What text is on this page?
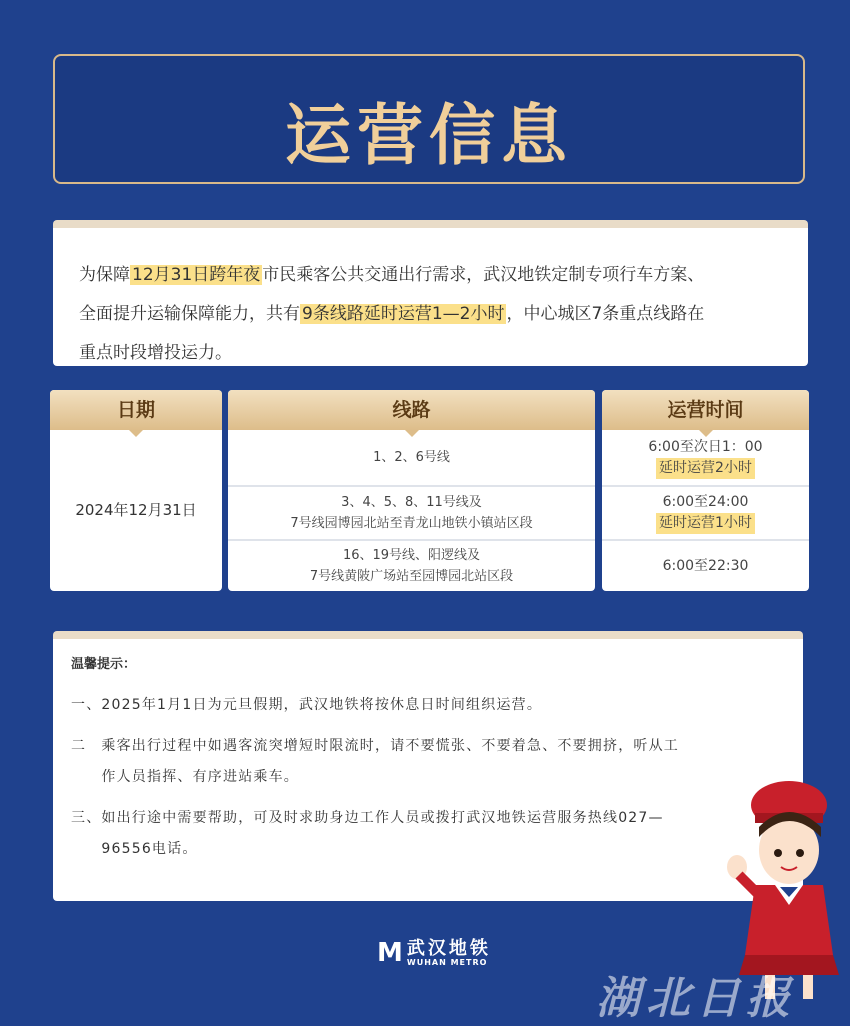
运营信息

为保障 12月31日跨年夜 市民乘客公共交通出行需求，武汉地铁定制专项行车方案、

全面提升运输保障能力，共有 9条线路延时运营1—2小时 ，中心城区7条重点线路在

重点时段增投运力。

日期
2024年12月31日
线路
1、2、6号线
3、4、5、8、11号线及
7号线园博园北站至青龙山地铁小镇站区段
16、19号线、阳逻线及
7号线黄陂广场站至园博园北站区段
运营时间
6:00至次日1：00
延时运营2小时
6:00至24:00
延时运营1小时
6:00至22:30
温馨提示：

一、2025年1月1日为元旦假期，武汉地铁将按休息日时间组织运营。

二　乘客出行过程中如遇客流突增短时限流时，请不要慌张、不要着急、不要拥挤，听从工
　　作人员指挥、有序进站乘车。

三、如出行途中需要帮助，可及时求助身边工作人员或拨打武汉地铁运营服务热线027—
　　96556电话。

M 武汉地铁
WUHAN METRO
湖北日报
